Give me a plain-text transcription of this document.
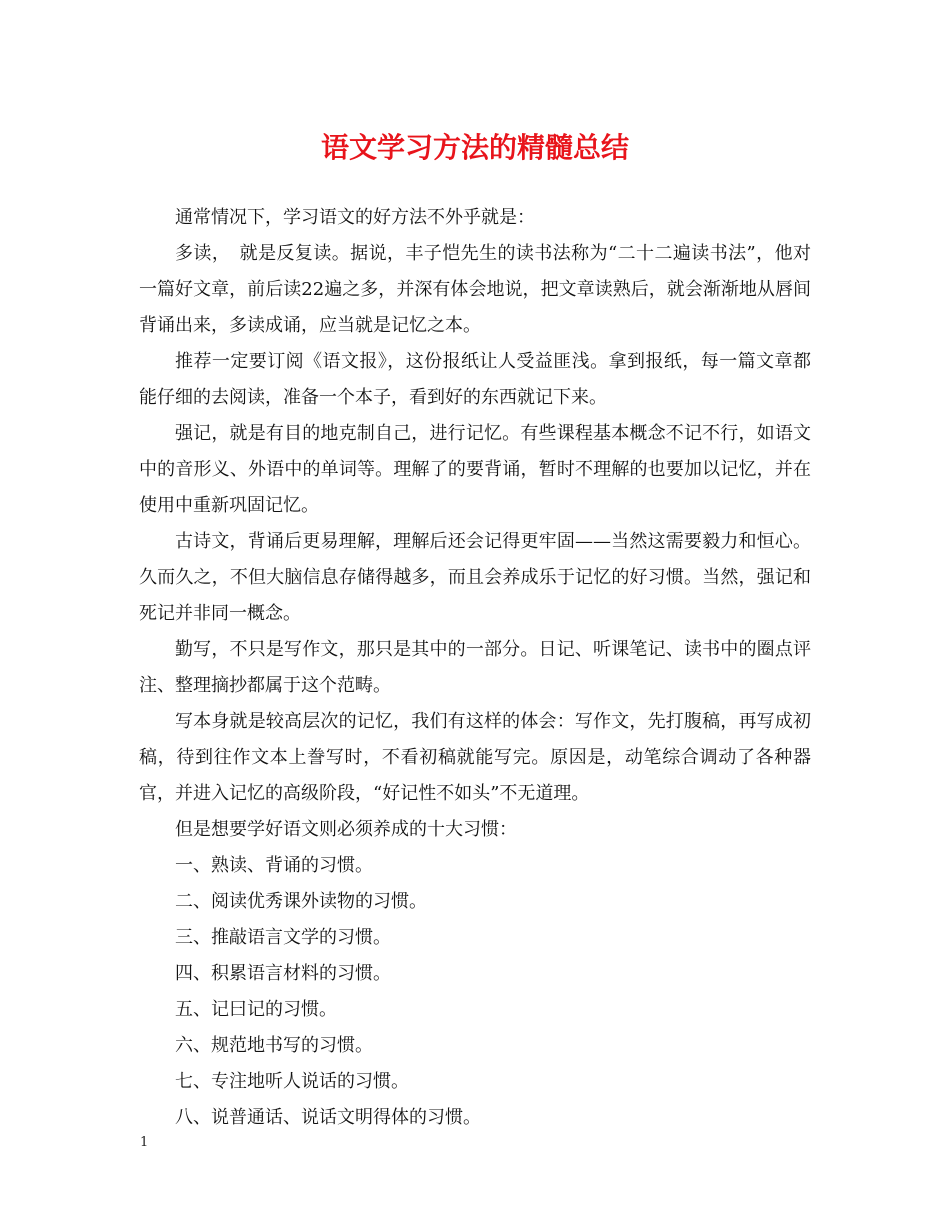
语文学习方法的精髓总结

通常情况下，学习语文的好方法不外乎就是：

多读，　就是反复读。据说，丰子恺先生的读书法称为“二十二遍读书法”，他对一篇好文章，前后读22遍之多，并深有体会地说，把文章读熟后，就会渐渐地从唇间背诵出来，多读成诵，应当就是记忆之本。

推荐一定要订阅《语文报》，这份报纸让人受益匪浅。拿到报纸，每一篇文章都能仔细的去阅读，准备一个本子，看到好的东西就记下来。

强记，就是有目的地克制自己，进行记忆。有些课程基本概念不记不行，如语文中的音形义、外语中的单词等。理解了的要背诵，暂时不理解的也要加以记忆，并在使用中重新巩固记忆。

古诗文，背诵后更易理解，理解后还会记得更牢固——当然这需要毅力和恒心。久而久之，不但大脑信息存储得越多，而且会养成乐于记忆的好习惯。当然，强记和死记并非同一概念。

勤写，不只是写作文，那只是其中的一部分。日记、听课笔记、读书中的圈点评注、整理摘抄都属于这个范畴。

写本身就是较高层次的记忆，我们有这样的体会：写作文，先打腹稿，再写成初稿，待到往作文本上誊写时，不看初稿就能写完。原因是，动笔综合调动了各种器官，并进入记忆的高级阶段，“好记性不如头”不无道理。

但是想要学好语文则必须养成的十大习惯：

一、熟读、背诵的习惯。

二、阅读优秀课外读物的习惯。

三、推敲语言文学的习惯。

四、积累语言材料的习惯。

五、记曰记的习惯。

六、规范地书写的习惯。

七、专注地听人说话的习惯。

八、说普通话、说话文明得体的习惯。

1
